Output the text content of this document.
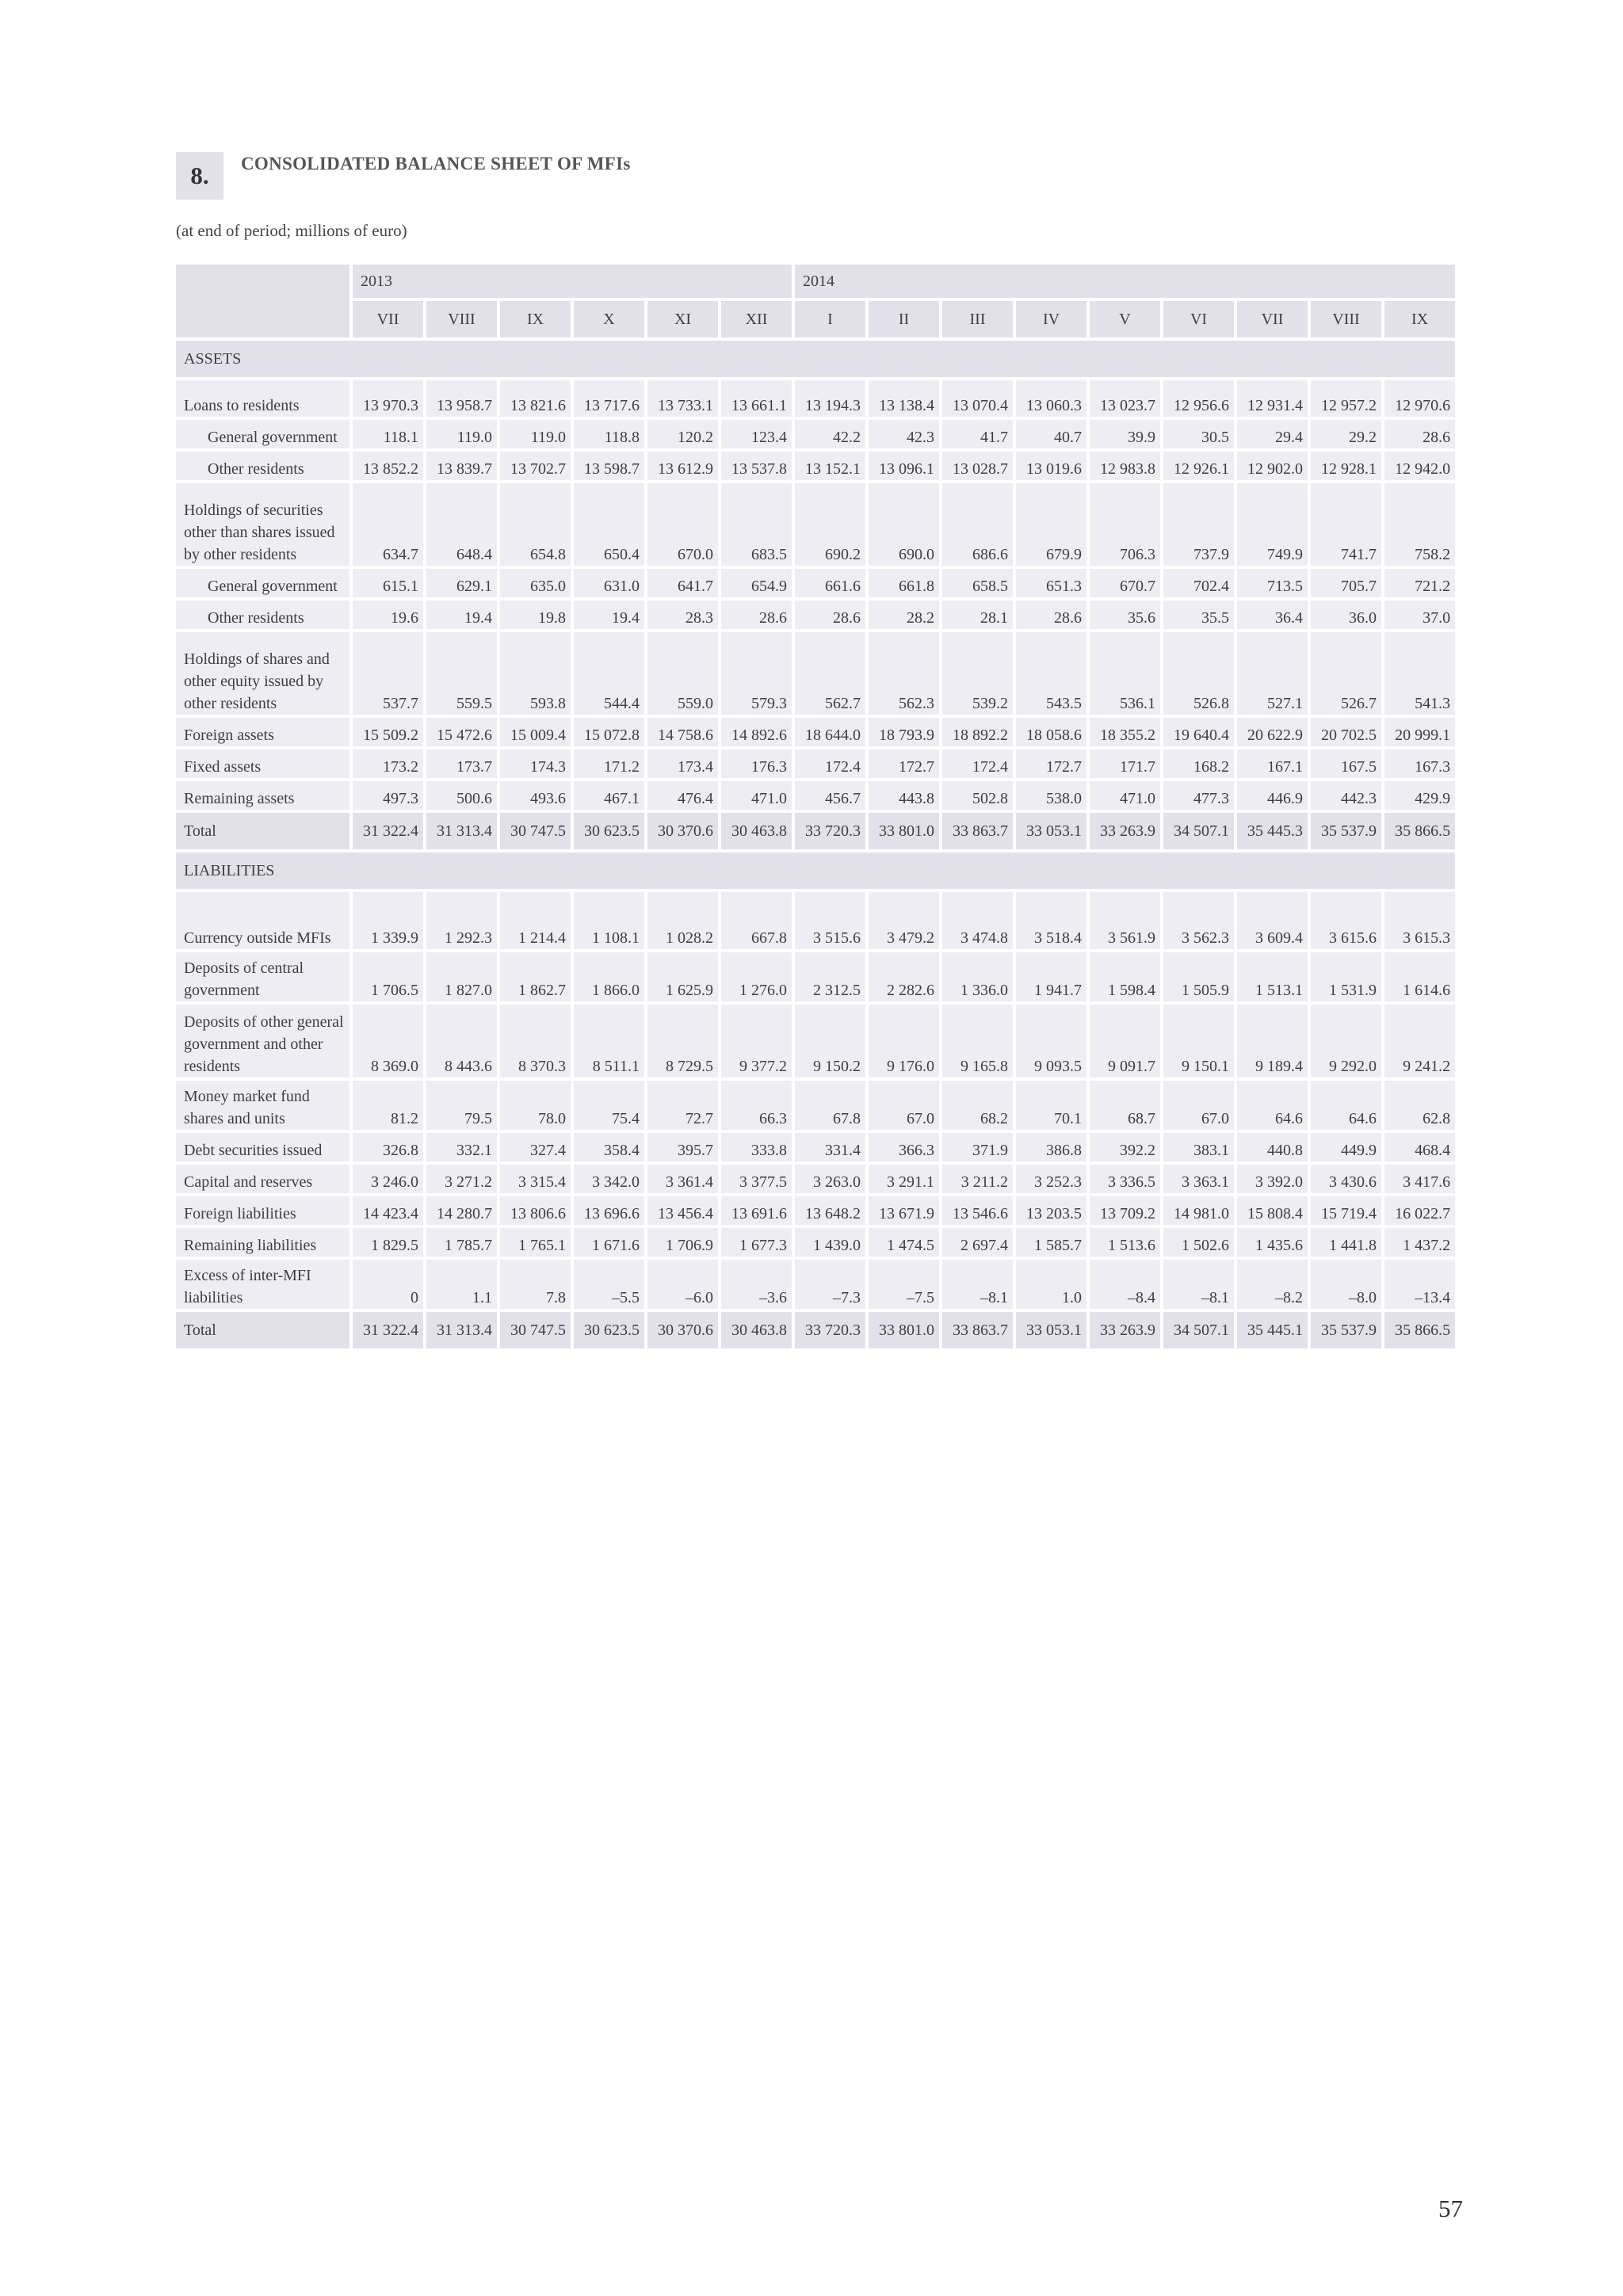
8.	CONSOLIDATED BALANCE SHEET OF MFIs
(at end of period; millions of euro)
	2013						2014								
	VII	VIII	IX	X	XI	XII	I	II	III	IV	V	VI	VII	VIII	IX
ASSETS															
Loans to residents	13 970.3	13 958.7	13 821.6	13 717.6	13 733.1	13 661.1	13 194.3	13 138.4	13 070.4	13 060.3	13 023.7	12 956.6	12 931.4	12 957.2	12 970.6
General government	118.1	119.0	119.0	118.8	120.2	123.4	42.2	42.3	41.7	40.7	39.9	30.5	29.4	29.2	28.6
Other residents	13 852.2	13 839.7	13 702.7	13 598.7	13 612.9	13 537.8	13 152.1	13 096.1	13 028.7	13 019.6	12 983.8	12 926.1	12 902.0	12 928.1	12 942.0
Holdings of securities other than shares issued by other residents	634.7	648.4	654.8	650.4	670.0	683.5	690.2	690.0	686.6	679.9	706.3	737.9	749.9	741.7	758.2
General government	615.1	629.1	635.0	631.0	641.7	654.9	661.6	661.8	658.5	651.3	670.7	702.4	713.5	705.7	721.2
Other residents	19.6	19.4	19.8	19.4	28.3	28.6	28.6	28.2	28.1	28.6	35.6	35.5	36.4	36.0	37.0
Holdings of shares and other equity issued by other residents	537.7	559.5	593.8	544.4	559.0	579.3	562.7	562.3	539.2	543.5	536.1	526.8	527.1	526.7	541.3
Foreign assets	15 509.2	15 472.6	15 009.4	15 072.8	14 758.6	14 892.6	18 644.0	18 793.9	18 892.2	18 058.6	18 355.2	19 640.4	20 622.9	20 702.5	20 999.1
Fixed assets	173.2	173.7	174.3	171.2	173.4	176.3	172.4	172.7	172.4	172.7	171.7	168.2	167.1	167.5	167.3
Remaining assets	497.3	500.6	493.6	467.1	476.4	471.0	456.7	443.8	502.8	538.0	471.0	477.3	446.9	442.3	429.9
Total	31 322.4	31 313.4	30 747.5	30 623.5	30 370.6	30 463.8	33 720.3	33 801.0	33 863.7	33 053.1	33 263.9	34 507.1	35 445.3	35 537.9	35 866.5
LIABILITIES															
Currency outside MFIs	1 339.9	1 292.3	1 214.4	1 108.1	1 028.2	667.8	3 515.6	3 479.2	3 474.8	3 518.4	3 561.9	3 562.3	3 609.4	3 615.6	3 615.3
Deposits of central government	1 706.5	1 827.0	1 862.7	1 866.0	1 625.9	1 276.0	2 312.5	2 282.6	1 336.0	1 941.7	1 598.4	1 505.9	1 513.1	1 531.9	1 614.6
Deposits of other general government and other residents	8 369.0	8 443.6	8 370.3	8 511.1	8 729.5	9 377.2	9 150.2	9 176.0	9 165.8	9 093.5	9 091.7	9 150.1	9 189.4	9 292.0	9 241.2
Money market fund shares and units	81.2	79.5	78.0	75.4	72.7	66.3	67.8	67.0	68.2	70.1	68.7	67.0	64.6	64.6	62.8
Debt securities issued	326.8	332.1	327.4	358.4	395.7	333.8	331.4	366.3	371.9	386.8	392.2	383.1	440.8	449.9	468.4
Capital and reserves	3 246.0	3 271.2	3 315.4	3 342.0	3 361.4	3 377.5	3 263.0	3 291.1	3 211.2	3 252.3	3 336.5	3 363.1	3 392.0	3 430.6	3 417.6
Foreign liabilities	14 423.4	14 280.7	13 806.6	13 696.6	13 456.4	13 691.6	13 648.2	13 671.9	13 546.6	13 203.5	13 709.2	14 981.0	15 808.4	15 719.4	16 022.7
Remaining liabilities	1 829.5	1 785.7	1 765.1	1 671.6	1 706.9	1 677.3	1 439.0	1 474.5	2 697.4	1 585.7	1 513.6	1 502.6	1 435.6	1 441.8	1 437.2
Excess of inter-MFI liabilities	0	1.1	7.8	–5.5	–6.0	–3.6	–7.3	–7.5	–8.1	1.0	–8.4	–8.1	–8.2	–8.0	–13.4
Total	31 322.4	31 313.4	30 747.5	30 623.5	30 370.6	30 463.8	33 720.3	33 801.0	33 863.7	33 053.1	33 263.9	34 507.1	35 445.1	35 537.9	35 866.5
57
